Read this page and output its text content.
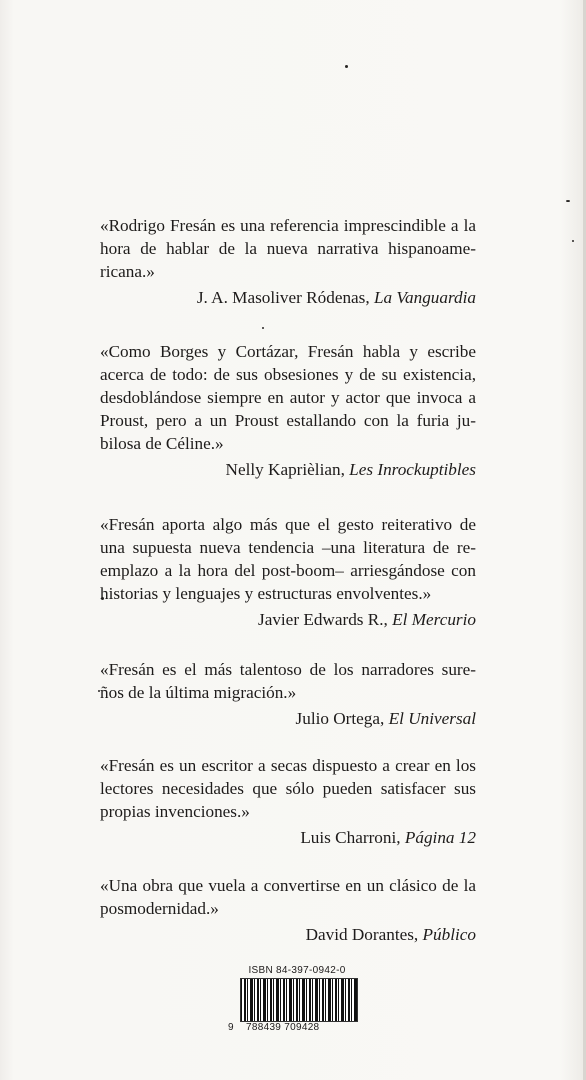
«Rodrigo Fresán es una referencia imprescindible a la hora de hablar de la nueva narrativa hispanoame- ricana.»

J. A. Masoliver Ródenas, La Vanguardia

«Como Borges y Cortázar, Fresán habla y escribe acerca de todo: de sus obsesiones y de su existencia, desdoblándose siempre en autor y actor que invoca a Proust, pero a un Proust estallando con la furia ju- bilosa de Céline.»

Nelly Kaprièlian, Les Inrockuptibles

«Fresán aporta algo más que el gesto reiterativo de una supuesta nueva tendencia –una literatura de re- emplazo a la hora del post-boom– arriesgándose con historias y lenguajes y estructuras envolventes.»

Javier Edwards R., El Mercurio

«Fresán es el más talentoso de los narradores sure- ños de la última migración.»

Julio Ortega, El Universal

«Fresán es un escritor a secas dispuesto a crear en los lectores necesidades que sólo pueden satisfacer sus propias invenciones.»

Luis Charroni, Página 12

«Una obra que vuela a convertirse en un clásico de la posmodernidad.»

David Dorantes, Público

ISBN 84-397-0942-0
9 788439 709428
